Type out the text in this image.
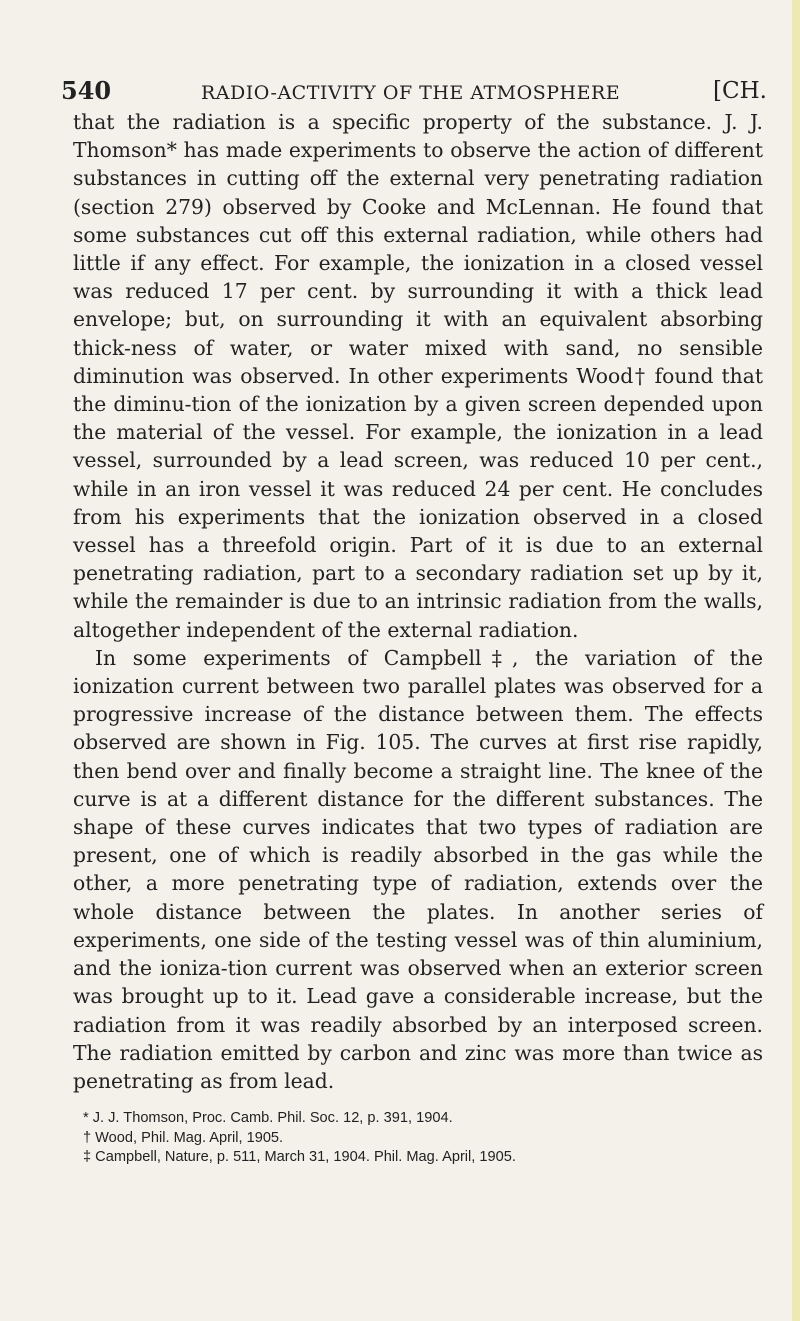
540	RADIO-ACTIVITY OF THE ATMOSPHERE	[CH.

that the radiation is a specific property of the substance. J. J. Thomson* has made experiments to observe the action of different substances in cutting off the external very penetrating radiation (section 279) observed by Cooke and McLennan. He found that some substances cut off this external radiation, while others had little if any effect. For example, the ionization in a closed vessel was reduced 17 per cent. by surrounding it with a thick lead envelope; but, on surrounding it with an equivalent absorbing thick-ness of water, or water mixed with sand, no sensible diminution was observed. In other experiments Wood† found that the diminu-tion of the ionization by a given screen depended upon the material of the vessel. For example, the ionization in a lead vessel, surrounded by a lead screen, was reduced 10 per cent., while in an iron vessel it was reduced 24 per cent. He concludes from his experiments that the ionization observed in a closed vessel has a threefold origin. Part of it is due to an external penetrating radiation, part to a secondary radiation set up by it, while the remainder is due to an intrinsic radiation from the walls, altogether independent of the external radiation.

In some experiments of Campbell‡, the variation of the ionization current between two parallel plates was observed for a progressive increase of the distance between them. The effects observed are shown in Fig. 105. The curves at first rise rapidly, then bend over and finally become a straight line. The knee of the curve is at a different distance for the different substances. The shape of these curves indicates that two types of radiation are present, one of which is readily absorbed in the gas while the other, a more penetrating type of radiation, extends over the whole distance between the plates. In another series of experiments, one side of the testing vessel was of thin aluminium, and the ioniza-tion current was observed when an exterior screen was brought up to it. Lead gave a considerable increase, but the radiation from it was readily absorbed by an interposed screen. The radiation emitted by carbon and zinc was more than twice as penetrating as from lead.

* J. J. Thomson, Proc. Camb. Phil. Soc. 12, p. 391, 1904.
† Wood, Phil. Mag. April, 1905.
‡ Campbell, Nature, p. 511, March 31, 1904. Phil. Mag. April, 1905.
